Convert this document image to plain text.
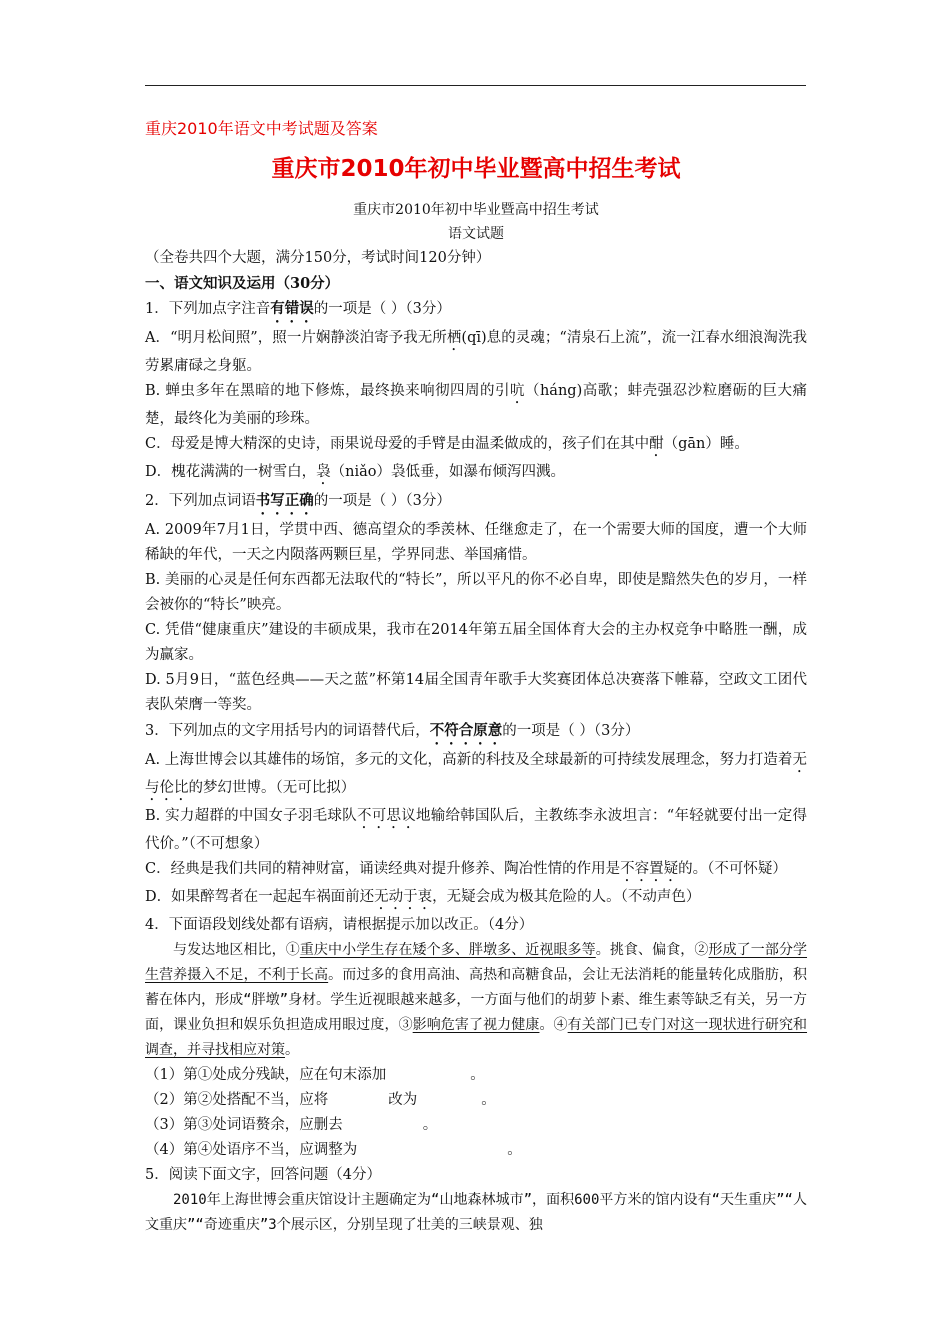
重庆2010年语文中考试题及答案

重庆市2010年初中毕业暨高中招生考试

重庆市2010年初中毕业暨高中招生考试

语文试题

（全卷共四个大题，满分150分，考试时间120分钟）

一、语文知识及运用（30分）

1．下列加点字注音有错误的一项是（ ）（3分）

A．“明月松间照”，照一片娴静淡泊寄予我无所栖(qī)息的灵魂；“清泉石上流”，流一江春水细浪淘洗我劳累庸碌之身躯。

B. 蝉虫多年在黑暗的地下修炼，最终换来响彻四周的引吭（háng)高歌；蚌壳强忍沙粒磨砺的巨大痛楚，最终化为美丽的珍珠。

C．母爱是博大精深的史诗，雨果说母爱的手臂是由温柔做成的，孩子们在其中酣（gān）睡。

D．槐花满满的一树雪白，袅（niǎo）袅低垂，如瀑布倾泻四溅。

2．下列加点词语书写正确的一项是（ ）（3分）

A. 2009年7月1日，学贯中西、德高望众的季羡林、任继愈走了，在一个需要大师的国度，遭一个大师稀缺的年代，一天之内陨落两颗巨星，学界同悲、举国痛惜。

B. 美丽的心灵是任何东西都无法取代的“特长”，所以平凡的你不必自卑，即使是黯然失色的岁月，一样会被你的“特长”映亮。

C. 凭借“健康重庆”建设的丰硕成果，我市在2014年第五届全国体育大会的主办权竞争中略胜一酬，成为赢家。

D. 5月9日，“蓝色经典——天之蓝”杯第14届全国青年歌手大奖赛团体总决赛落下帷幕，空政文工团代表队荣膺一等奖。

3．下列加点的文字用括号内的词语替代后，不符合原意的一项是（ ）（3分）

A. 上海世博会以其雄伟的场馆，多元的文化，高新的科技及全球最新的可持续发展理念，努力打造着无与伦比的梦幻世博。（无可比拟）

B. 实力超群的中国女子羽毛球队不可思议地输给韩国队后，主教练李永波坦言：“年轻就要付出一定得代价。”（不可想象）

C．经典是我们共同的精神财富，诵读经典对提升修养、陶冶性情的作用是不容置疑的。（不可怀疑）

D．如果醉驾者在一起起车祸面前还无动于衷，无疑会成为极其危险的人。（不动声色）

4．下面语段划线处都有语病，请根据提示加以改正。（4分）

与发达地区相比，①重庆中小学生存在矮个多、胖墩多、近视眼多等。挑食、偏食，②形成了一部分学生营养摄入不足，不利于长高。而过多的食用高油、高热和高糖食品，会让无法消耗的能量转化成脂肪，积蓄在体内，形成“胖墩”身材。学生近视眼越来越多，一方面与他们的胡萝卜素、维生素等缺乏有关，另一方面，课业负担和娱乐负担造成用眼过度，③影响危害了视力健康。④有关部门已专门对这一现状进行研究和调查，并寻找相应对策。

（1）第①处成分残缺，应在句末添加	。

（2）第②处搭配不当，应将	改为	。

（3）第③处词语赘余，应删去	。

（4）第④处语序不当，应调整为	。

5．阅读下面文字，回答问题（4分）

2010年上海世博会重庆馆设计主题确定为“山地森林城市”，面积600平方米的馆内设有“天生重庆”“人文重庆”“奇迹重庆”3个展示区，分别呈现了壮美的三峡景观、独
